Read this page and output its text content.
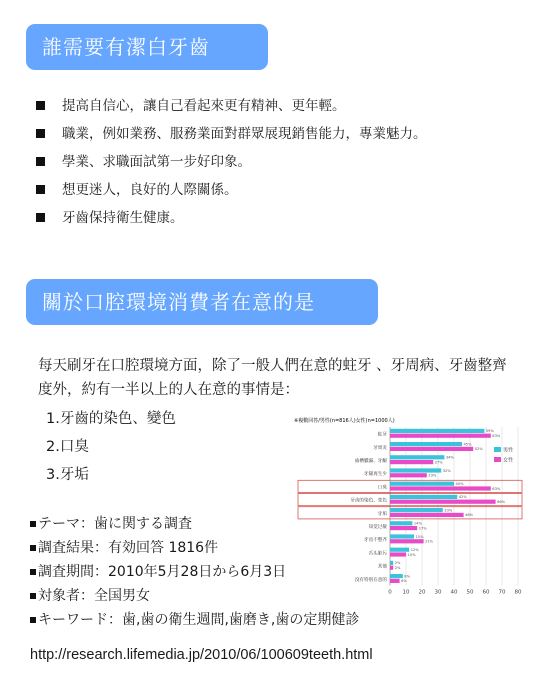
誰需要有潔白牙齒
提高自信心，讓自己看起來更有精神、更年輕。
職業，例如業務、服務業面對群眾展現銷售能力，專業魅力。
學業、求職面試第一步好印象。
想更迷人，良好的人際關係。
牙齒保持衛生健康。
關於口腔環境消費者在意的是
每天刷牙在口腔環境方面，除了一般人們在意的蛀牙 、牙周病、牙齒整齊度外，約有一半以上的人在意的事情是：
1.牙齒的染色、變色
2.口臭
3.牙垢
※複數回答/男性(n=816人)女性(n=1000人)
0 10 20 30 40 50 60 70 80
蛀牙
59%
63%
牙周炎
45%
52%
齒槽膿漏、牙齦
34%
27%
牙龈再生少
32%
23%
口臭
40%
63%
牙齿的染色、变色
42%
66%
牙垢
33%
46%
知觉过敏
14%
17%
牙齿不整齐
15%
21%
舌头脏污
12%
10%
其他
2%
2%
没有特别在意的
8%
6%
男性
女性
テーマ：歯に関する調査
調査結果：有効回答 1816件
調査期間：2010年5月28日から6月3日
対象者：全国男女
キーワード：歯,歯の衛生週間,歯磨き,歯の定期健診
http://research.lifemedia.jp/2010/06/100609teeth.html
